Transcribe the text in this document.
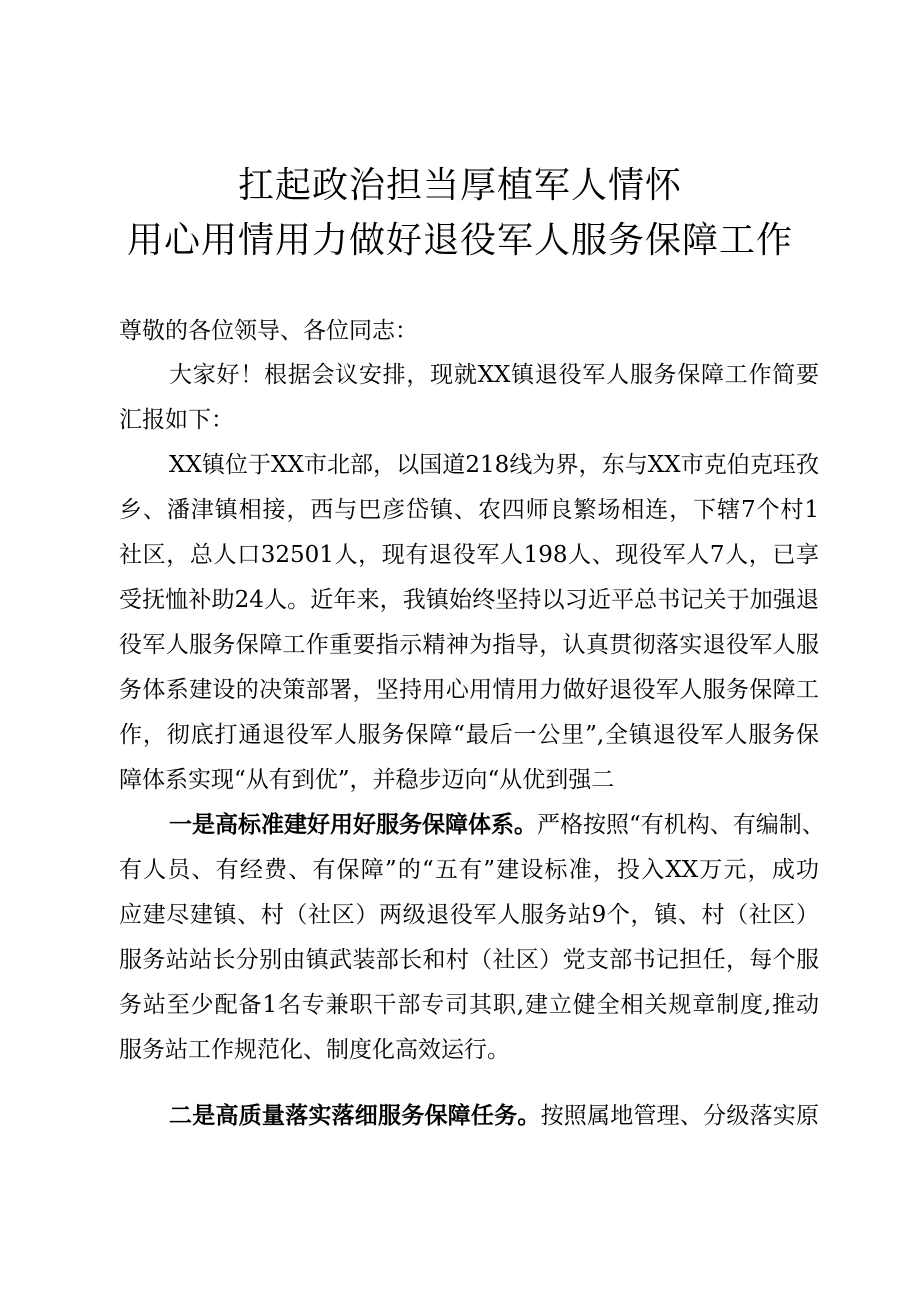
扛起政治担当厚植军人情怀
用心用情用力做好退役军人服务保障工作
尊敬的各位领导、各位同志：
大家好！根据会议安排，现就XX镇退役军人服务保障工作简要
汇报如下：
XX镇位于XX市北部，以国道218线为界，东与XX市克伯克珏孜
乡、潘津镇相接，西与巴彦岱镇、农四师良繁场相连，下辖7个村1
社区，总人口32501人，现有退役军人198人、现役军人7人，已享
受抚恤补助24人。近年来，我镇始终坚持以习近平总书记关于加强退
役军人服务保障工作重要指示精神为指导，认真贯彻落实退役军人服
务体系建设的决策部署，坚持用心用情用力做好退役军人服务保障工
作，彻底打通退役军人服务保障“最后一公里”,全镇退役军人服务保
障体系实现“从有到优”，并稳步迈向“从优到强二
一是高标准建好用好服务保障体系。严格按照“有机构、有编制、
有人员、有经费、有保障”的“五有”建设标准，投入XX万元，成功
应建尽建镇、村（社区）两级退役军人服务站9个，镇、村（社区）
服务站站长分别由镇武装部长和村（社区）党支部书记担任，每个服
务站至少配备1名专兼职干部专司其职,建立健全相关规章制度,推动
服务站工作规范化、制度化高效运行。
二是高质量落实落细服务保障任务。按照属地管理、分级落实原
